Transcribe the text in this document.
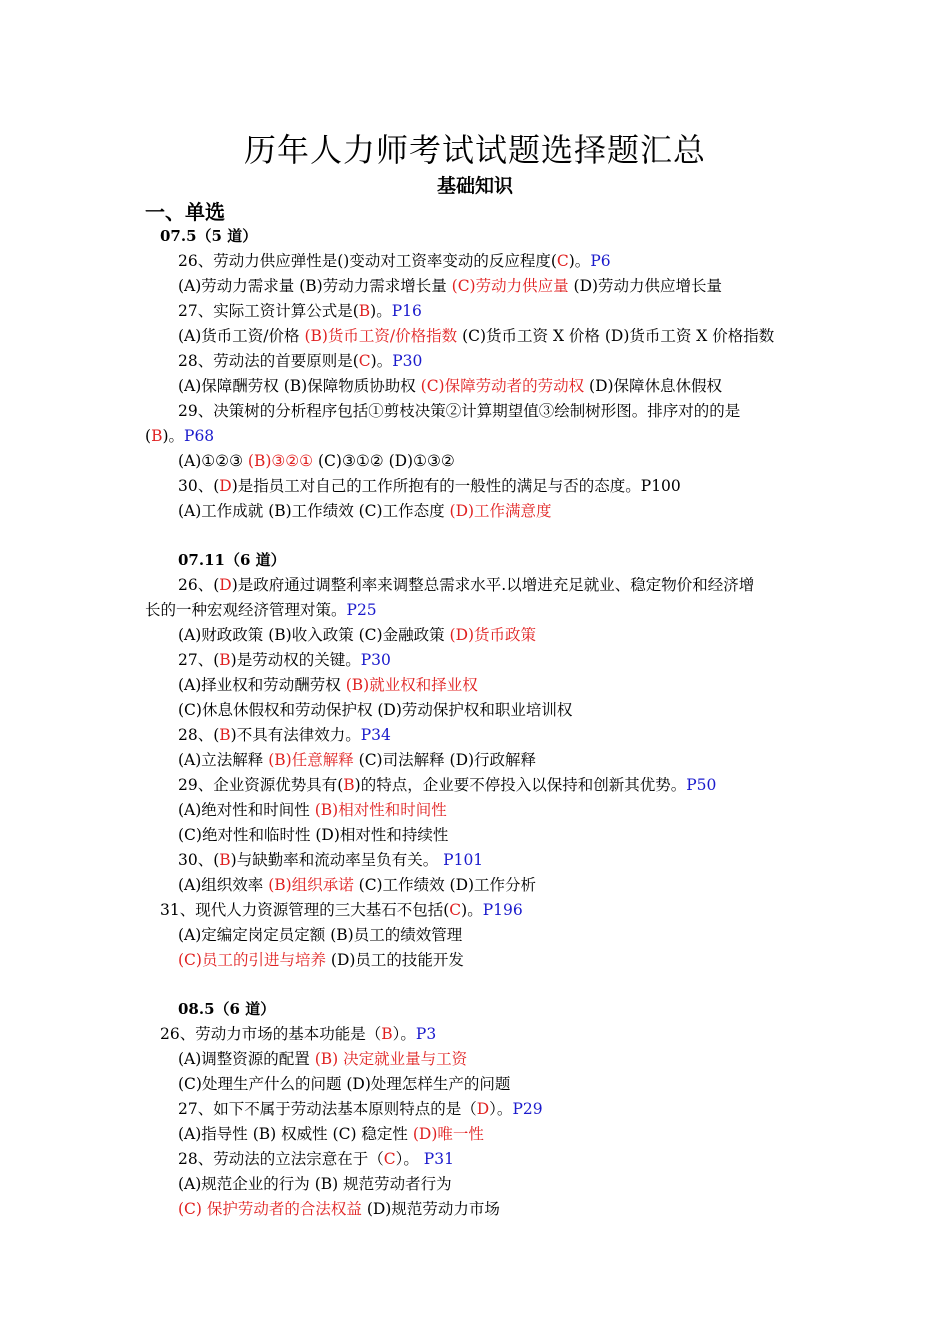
历年人力师考试试题选择题汇总
基础知识
一、单选
07.5（5 道）
26、劳动力供应弹性是()变动对工资率变动的反应程度(C)。P6
(A)劳动力需求量 (B)劳动力需求增长量 (C)劳动力供应量 (D)劳动力供应增长量
27、实际工资计算公式是(B)。P16
(A)货币工资/价格 (B)货币工资/价格指数 (C)货币工资 X 价格 (D)货币工资 X 价格指数
28、劳动法的首要原则是(C)。P30
(A)保障酬劳权 (B)保障物质协助权 (C)保障劳动者的劳动权 (D)保障休息休假权
29、决策树的分析程序包括①剪枝决策②计算期望值③绘制树形图。排序对的的是
(B)。P68
(A)①②③ (B)③②① (C)③①② (D)①③②
30、(D)是指员工对自己的工作所抱有的一般性的满足与否的态度。P100
(A)工作成就 (B)工作绩效 (C)工作态度 (D)工作满意度
07.11（6 道）
26、(D)是政府通过调整利率来调整总需求水平.以增进充足就业、稳定物价和经济增
长的一种宏观经济管理对策。P25
(A)财政政策 (B)收入政策 (C)金融政策 (D)货币政策
27、(B)是劳动权的关键。P30
(A)择业权和劳动酬劳权 (B)就业权和择业权
(C)休息休假权和劳动保护权 (D)劳动保护权和职业培训权
28、(B)不具有法律效力。P34
(A)立法解释 (B)任意解释 (C)司法解释 (D)行政解释
29、企业资源优势具有(B)的特点，企业要不停投入以保持和创新其优势。P50
(A)绝对性和时间性 (B)相对性和时间性
(C)绝对性和临时性 (D)相对性和持续性
30、(B)与缺勤率和流动率呈负有关。 P101
(A)组织效率 (B)组织承诺 (C)工作绩效 (D)工作分析
31、现代人力资源管理的三大基石不包括(C)。P196
(A)定编定岗定员定额 (B)员工的绩效管理
(C)员工的引进与培养 (D)员工的技能开发
08.5（6 道）
26、劳动力市场的基本功能是（B）。P3
(A)调整资源的配置 (B) 决定就业量与工资
(C)处理生产什么的问题 (D)处理怎样生产的问题
27、如下不属于劳动法基本原则特点的是（D）。P29
(A)指导性 (B) 权威性 (C) 稳定性 (D)唯一性
28、劳动法的立法宗意在于（C）。 P31
(A)规范企业的行为 (B) 规范劳动者行为
(C) 保护劳动者的合法权益 (D)规范劳动力市场
